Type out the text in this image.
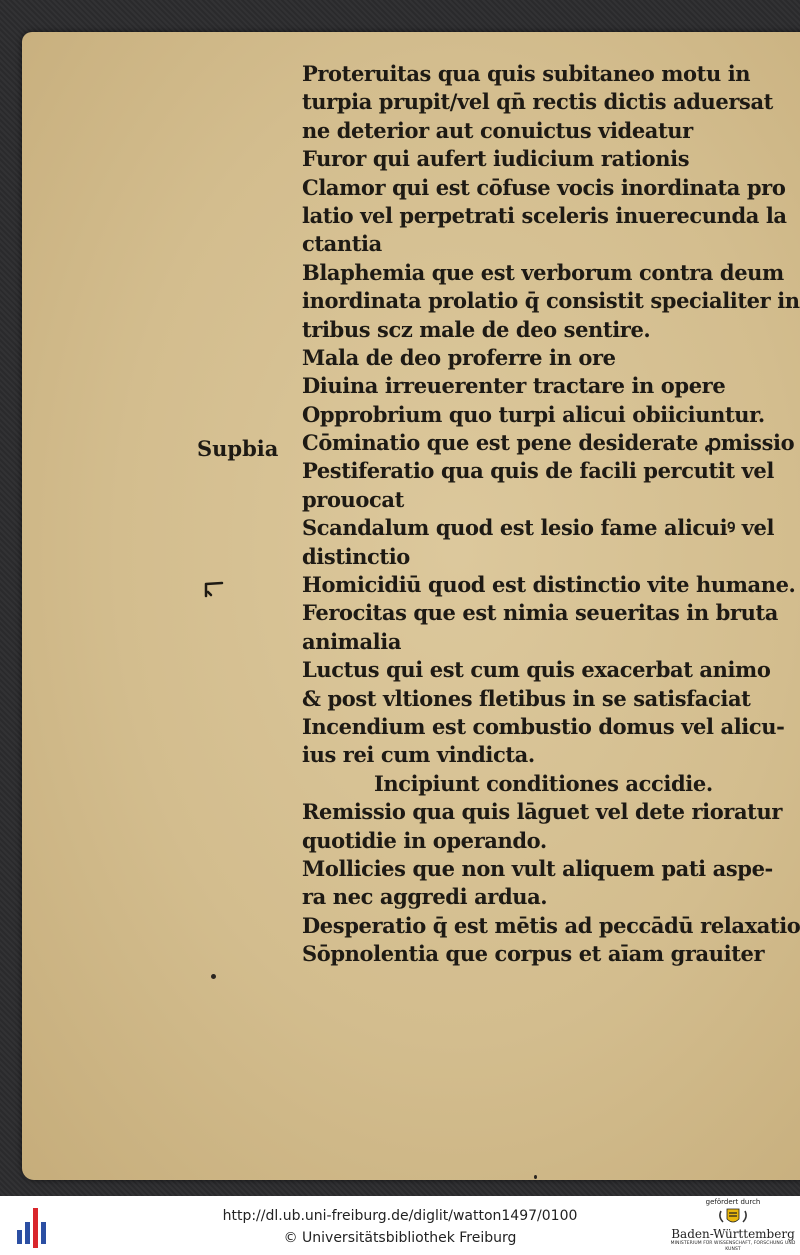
Proteruitas qua quis subitaneo motu in
turpia prupit/vel qn̄ rectis dictis aduersat
ne deterior aut conuictus videatur
Furor qui aufert iudicium rationis
Clamor qui est cōfuse vocis inordinata pro
latio vel perpetrati sceleris inuerecunda la
ctantia
Blaphemia que est verborum contra deum
inordinata prolatio q̄ consistit specialiter in
tribus scz male de deo sentire.
Mala de deo proferre in ore
Diuina irreuerenter tractare in opere
Opprobrium quo turpi alicui obiiciuntur.
Cōminatio que est pene desiderate ꝓmissio
Pestiferatio qua quis de facili percutit vel
prouocat
Scandalum quod est lesio fame alicuiꝰ vel
distinctio
Homicidiū quod est distinctio vite humane.
Ferocitas que est nimia seueritas in bruta
animalia
Luctus qui est cum quis exacerbat animo
& post vltiones fletibus in se satisfaciat
Incendium est combustio domus vel alicu-
ius rei cum vindicta.
Incipiunt conditiones accidie.
Remissio qua quis lāguet vel dete rioratur
quotidie in operando.
Mollicies que non vult aliquem pati aspe-
ra nec aggredi ardua.
Desperatio q̄ est mētis ad peccādū relaxatio
Sōpnolentia que corpus et aīam grauiter
Supbia
http://dl.ub.uni-freiburg.de/diglit/watton1497/0100
© Universitätsbibliothek Freiburg
gefördert durch
Baden-Württemberg
MINISTERIUM FÜR WISSENSCHAFT, FORSCHUNG UND KUNST
